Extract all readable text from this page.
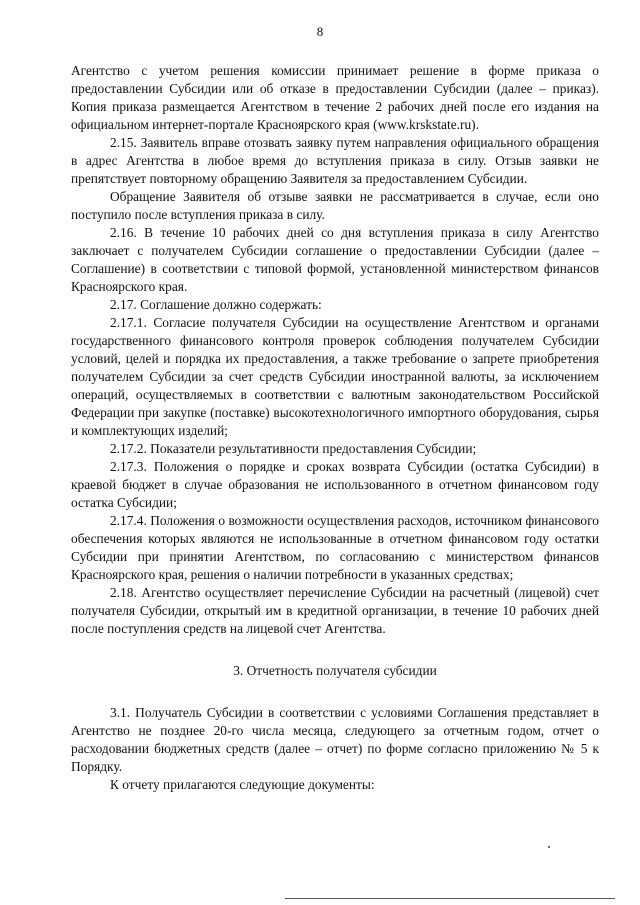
8

Агентство с учетом решения комиссии принимает решение в форме приказа о предоставлении Субсидии или об отказе в предоставлении Субсидии (далее – приказ). Копия приказа размещается Агентством в течение 2 рабочих дней после его издания на официальном интернет-портале Красноярского края (www.krskstate.ru).

2.15. Заявитель вправе отозвать заявку путем направления официального обращения в адрес Агентства в любое время до вступления приказа в силу. Отзыв заявки не препятствует повторному обращению Заявителя за предоставлением Субсидии.

Обращение Заявителя об отзыве заявки не рассматривается в случае, если оно поступило после вступления приказа в силу.

2.16. В течение 10 рабочих дней со дня вступления приказа в силу Агентство заключает с получателем Субсидии соглашение о предоставлении Субсидии (далее – Соглашение) в соответствии с типовой формой, установленной министерством финансов Красноярского края.

2.17. Соглашение должно содержать:

2.17.1. Согласие получателя Субсидии на осуществление Агентством и органами государственного финансового контроля проверок соблюдения получателем Субсидии условий, целей и порядка их предоставления, а также требование о запрете приобретения получателем Субсидии за счет средств Субсидии иностранной валюты, за исключением операций, осуществляемых в соответствии с валютным законодательством Российской Федерации при закупке (поставке) высокотехнологичного импортного оборудования, сырья и комплектующих изделий;

2.17.2. Показатели результативности предоставления Субсидии;

2.17.3. Положения о порядке и сроках возврата Субсидии (остатка Субсидии) в краевой бюджет в случае образования не использованного в отчетном финансовом году остатка Субсидии;

2.17.4. Положения о возможности осуществления расходов, источником финансового обеспечения которых являются не использованные в отчетном финансовом году остатки Субсидии при принятии Агентством, по согласованию с министерством финансов Красноярского края, решения о наличии потребности в указанных средствах;

2.18. Агентство осуществляет перечисление Субсидии на расчетный (лицевой) счет получателя Субсидии, открытый им в кредитной организации, в течение 10 рабочих дней после поступления средств на лицевой счет Агентства.

3. Отчетность получателя субсидии

3.1. Получатель Субсидии в соответствии с условиями Соглашения представляет в Агентство не позднее 20-го числа месяца, следующего за отчетным годом, отчет о расходовании бюджетных средств (далее – отчет) по форме согласно приложению № 5 к Порядку.

К отчету прилагаются следующие документы:
